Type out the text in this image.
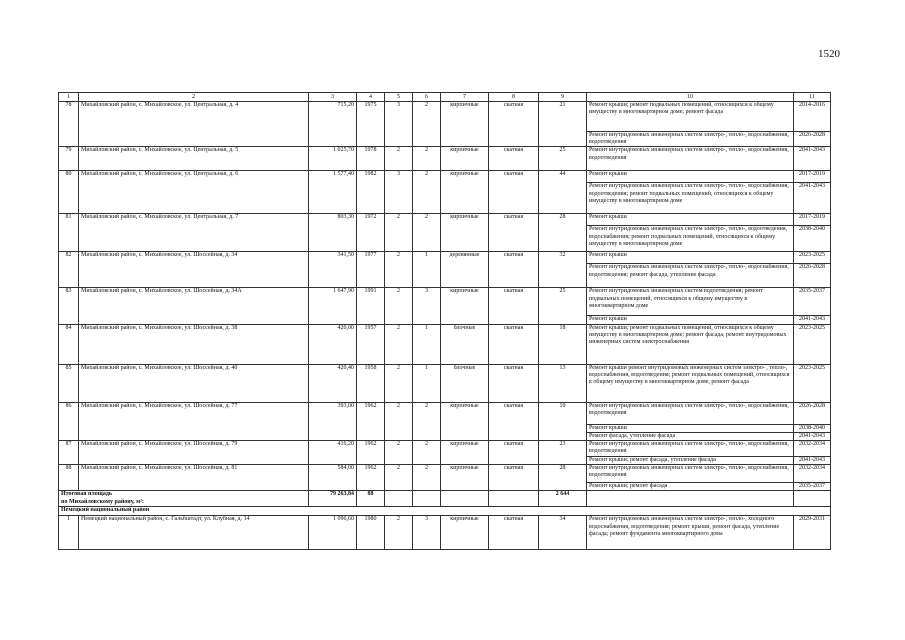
1520
1	2	3	4	5	6	7	8	9	10	11
78	Михайловский район, с. Михайловское, ул. Центральная, д. 4	715,20	1975	3	2	кирпичные	скатная	21	Ремонт крыши; ремонт подвальных помещений, относящихся к общему имуществу в многоквартирном доме; ремонт фасада	2014-2016
									Ремонт внутридомовых инженерных систем электро-, тепло-, водоснабжения, водоотведения	2026-2028
79	Михайловский район, с. Михайловское, ул. Центральная, д. 5	1 025,70	1978	2	2	кирпичные	скатная	25	Ремонт внутридомовых инженерных систем электро-, тепло-, водоснабжения, водоотведения	2041-2043
80	Михайловский район, с. Михайловское, ул. Центральная, д. 6	1 577,40	1982	3	2	кирпичные	скатная	44	Ремонт крыши	2017-2019
									Ремонт внутридомовых инженерных систем электро-, тепло-, водоснабжения, водоотведения; ремонт подвальных помещений, относящихся к общему имуществу в многоквартирном доме	2041-2043
81	Михайловский район, с. Михайловское, ул. Центральная, д. 7	803,30	1972	2	2	кирпичные	скатная	28	Ремонт крыши	2017-2019
									Ремонт внутридомовых инженерных систем электро-, тепло-, водоотведения, водоснабжения; ремонт подвальных помещений, относящихся к общему имуществу в многоквартирном доме	2038-2040
82	Михайловский район, с. Михайловское, ул. Шоссейная, д. 34	341,50	1977	2	1	деревянные	скатная	32	Ремонт крыши	2023-2025
									Ремонт внутридомовых инженерных систем электро-, тепло-, водоснабжения, водоотведения; ремонт фасада, утепление фасада	2026-2028
83	Михайловский район, с. Михайловское, ул. Шоссейная, д. 34А	1 647,90	1991	2	3	кирпичные	скатная	25	Ремонт внутридомовых инженерных систем водоотведения; ремонт подвальных помещений, относящихся к общему имуществу в многоквартирном доме	2035-2037
									Ремонт крыши	2041-2043
84	Михайловский район, с. Михайловское, ул. Шоссейная, д. 38	420,00	1957	2	1	блочные	скатная	18	Ремонт крыши; ремонт подвальных помещений, относящихся к общему имуществу в многоквартирном доме; ремонт фасада, ремонт внутридомовых инженерных систем электроснабжения	2023-2025
85	Михайловский район, с. Михайловское, ул. Шоссейная, д. 40	420,40	1958	2	1	блочные	скатная	13	Ремонт крыши ремонт внутридомовых инженерных систем электро- , тепло-, водоснабжения, водоотведения; ремонт подвальных помещений, относящихся к общему имуществу в многоквартирном доме, ремонт фасада	2023-2025
86	Михайловский район, с. Михайловское, ул. Шоссейная, д. 77	393,00	1962	2	2	кирпичные	скатная	10	Ремонт внутридомовых инженерных систем электро-, тепло-, водоснабжения, водоотведения	2026-2028
									Ремонт крыши	2038-2040
									Ремонт фасада, утепление фасада	2041-2043
87	Михайловский район, с. Михайловское, ул. Шоссейная, д. 79	416,20	1962	2	2	кирпичные	скатная	23	Ремонт внутридомовых инженерных систем электро-, тепло-, водоснабжения, водоотведения	2032-2034
									Ремонт крыши; ремонт фасада, утепление фасада	2041-2043
88	Михайловский район, с. Михайловское, ул. Шоссейная, д. 81	584,00	1962	2	2	кирпичные	скатная	28	Ремонт внутридомовых инженерных систем электро-, тепло-, водоснабжения, водоотведения	2032-2034
									Ремонт крыши; ремонт фасада	2035-2037

Итоговая площадь
по Михайловскому району, м²:		79 263,84	88					2 644		
Немецкий национальный район										
1	Немецкий национальный район, с. Гальбштадт, ул. Клубная, д. 14	1 096,60	1980	2	3	кирпичные	скатная	34	Ремонт внутридомовых инженерных систем электро-, тепло-, холодного водоснабжения, водоотведения; ремонт крыши, ремонт фасада, утепление фасада; ремонт фундамента многоквартирного дома	2029-2031
